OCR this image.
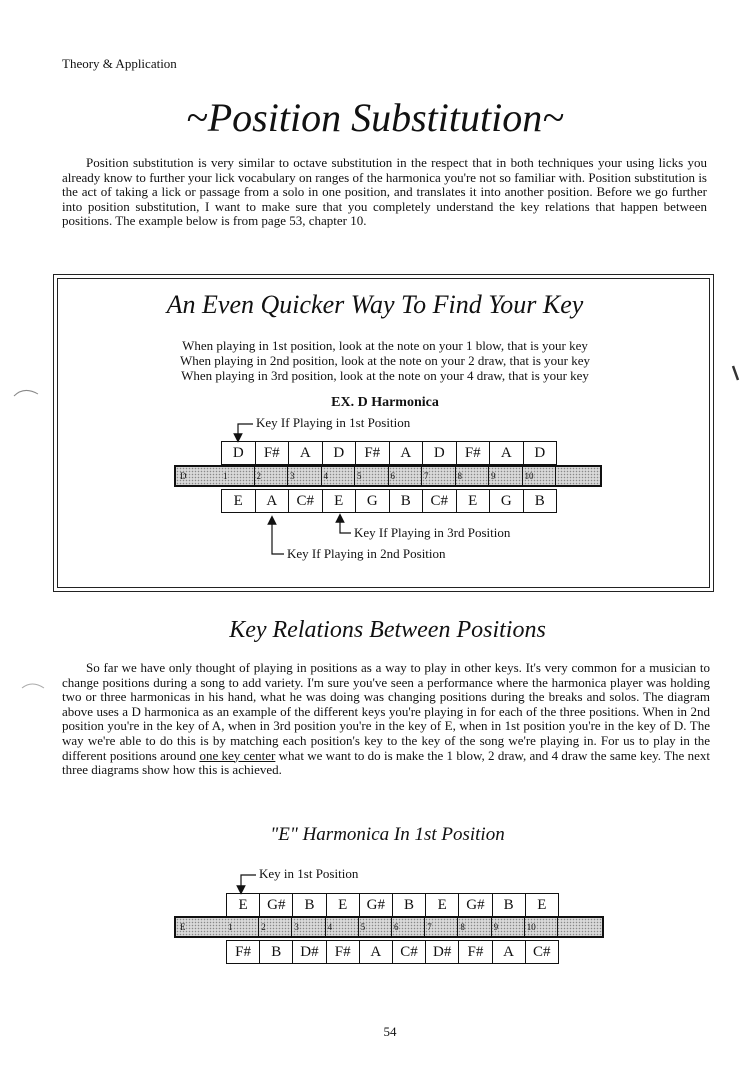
Theory & Application
~Position Substitution~

Position substitution is very similar to octave substitution in the respect that in both techniques your using licks you already know to further your lick vocabulary on ranges of the harmonica you're not so familiar with. Position substitution is the act of taking a lick or passage from a solo in one position, and translates it into another position. Before we go further into position substitution, I want to make sure that you completely understand the key relations that happen between positions. The example below is from page 53, chapter 10.

An Even Quicker Way To Find Your Key
When playing in 1st position, look at the note on your 1 blow, that is your key
When playing in 2nd position, look at the note on your 2 draw, that is your key
When playing in 3rd position, look at the note on your 4 draw, that is your key
EX. D Harmonica
Key If Playing in 1st Position
Key If Playing in 3rd Position
Key If Playing in 2nd Position
D	F#	A	D	F#	A	D	F#	A	D
D	1	2	3	4	5	6	7	8	9	10
E	A	C#	E	G	B	C#	E	G	B
Key Relations Between Positions

So far we have only thought of playing in positions as a way to play in other keys. It's very common for a musician to change positions during a song to add variety. I'm sure you've seen a performance where the harmonica player was holding two or three harmonicas in his hand, what he was doing was changing positions during the breaks and solos. The diagram above uses a D harmonica as an example of the different keys you're playing in for each of the three positions. When in 2nd position you're in the key of A, when in 3rd position you're in the key of E, when in 1st position you're in the key of D. The way we're able to do this is by matching each position's key to the key of the song we're playing in. For us to play in the different positions around one key center what we want to do is make the 1 blow, 2 draw, and 4 draw the same key. The next three diagrams show how this is achieved.

"E" Harmonica In 1st Position
Key in 1st Position
E	G#	B	E	G#	B	E	G#	B	E
E	1	2	3	4	5	6	7	8	9	10
F#	B	D#	F#	A	C#	D#	F#	A	C#
54
